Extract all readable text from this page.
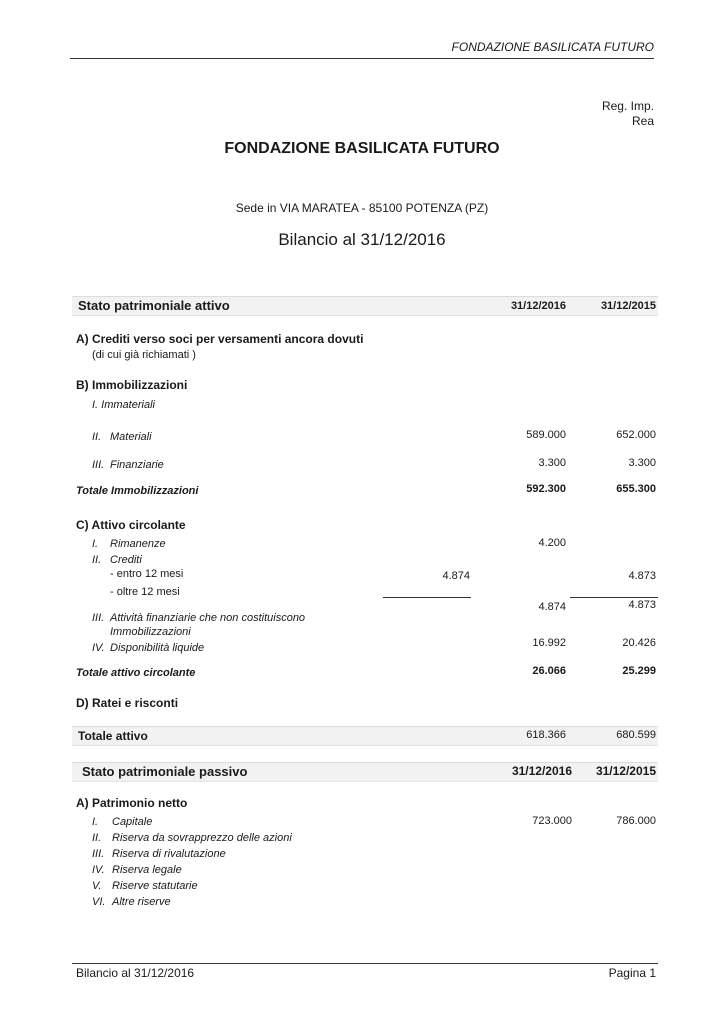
FONDAZIONE BASILICATA FUTURO
Reg. Imp.
Rea
FONDAZIONE BASILICATA FUTURO
Sede in VIA MARATEA - 85100 POTENZA (PZ)
Bilancio al 31/12/2016
Stato patrimoniale attivo	31/12/2016	31/12/2015
A) Crediti verso soci per versamenti ancora dovuti
(di cui già richiamati )
B) Immobilizzazioni
I. Immateriali
II. Materiali	589.000	652.000
III. Finanziarie	3.300	3.300
Totale Immobilizzazioni	592.300	655.300
C) Attivo circolante
I. Rimanenze	4.200
II. Crediti
- entro 12 mesi	4.874	4.873
- oltre 12 mesi
4.874	4.873
III. Attività finanziarie che non costituiscono
Immobilizzazioni
IV. Disponibilità liquide	16.992	20.426
Totale attivo circolante	26.066	25.299
D) Ratei e risconti
Totale attivo	618.366	680.599
Stato patrimoniale passivo	31/12/2016 31/12/2015
A) Patrimonio netto
I. Capitale	723.000	786.000
II. Riserva da sovrapprezzo delle azioni
III. Riserva di rivalutazione
IV. Riserva legale
V. Riserve statutarie
VI. Altre riserve
Bilancio al 31/12/2016	Pagina 1
